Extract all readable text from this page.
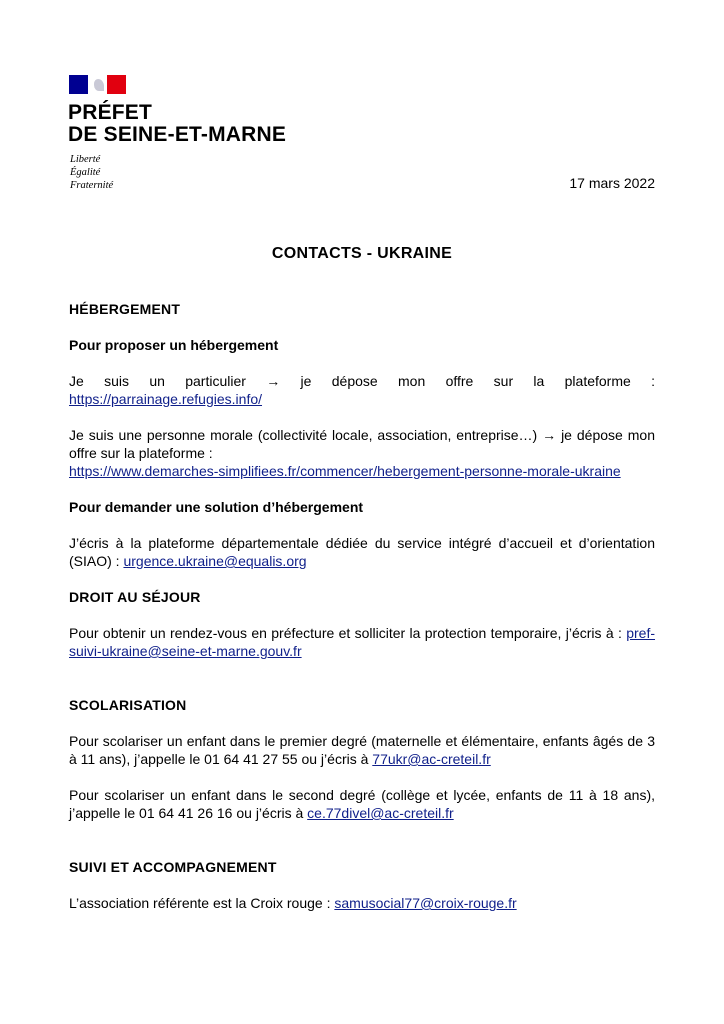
PRÉFET
DE SEINE-ET-MARNE
Liberté
Égalité
Fraternité	17 mars 2022
CONTACTS - UKRAINE

HÉBERGEMENT

Pour proposer un hébergement

Je suis un particulier → je dépose mon offre sur la plateforme :

https://parrainage.refugies.info/

Je suis une personne morale (collectivité locale, association, entreprise…) → je dépose mon offre sur la plateforme :
https://www.demarches-simplifiees.fr/commencer/hebergement-personne-morale-ukraine

Pour demander une solution d’hébergement

J’écris à la plateforme départementale dédiée du service intégré d’accueil et d’orientation (SIAO) : urgence.ukraine@equalis.org

DROIT AU SÉJOUR

Pour obtenir un rendez-vous en préfecture et solliciter la protection temporaire, j’écris à : pref-suivi-ukraine@seine-et-marne.gouv.fr

SCOLARISATION

Pour scolariser un enfant dans le premier degré (maternelle et élémentaire, enfants âgés de 3 à 11 ans), j’appelle le 01 64 41 27 55 ou j’écris à 77ukr@ac-creteil.fr

Pour scolariser un enfant dans le second degré (collège et lycée, enfants de 11 à 18 ans), j’appelle le 01 64 41 26 16 ou j’écris à ce.77divel@ac-creteil.fr

SUIVI ET ACCOMPAGNEMENT

L’association référente est la Croix rouge : samusocial77@croix-rouge.fr
